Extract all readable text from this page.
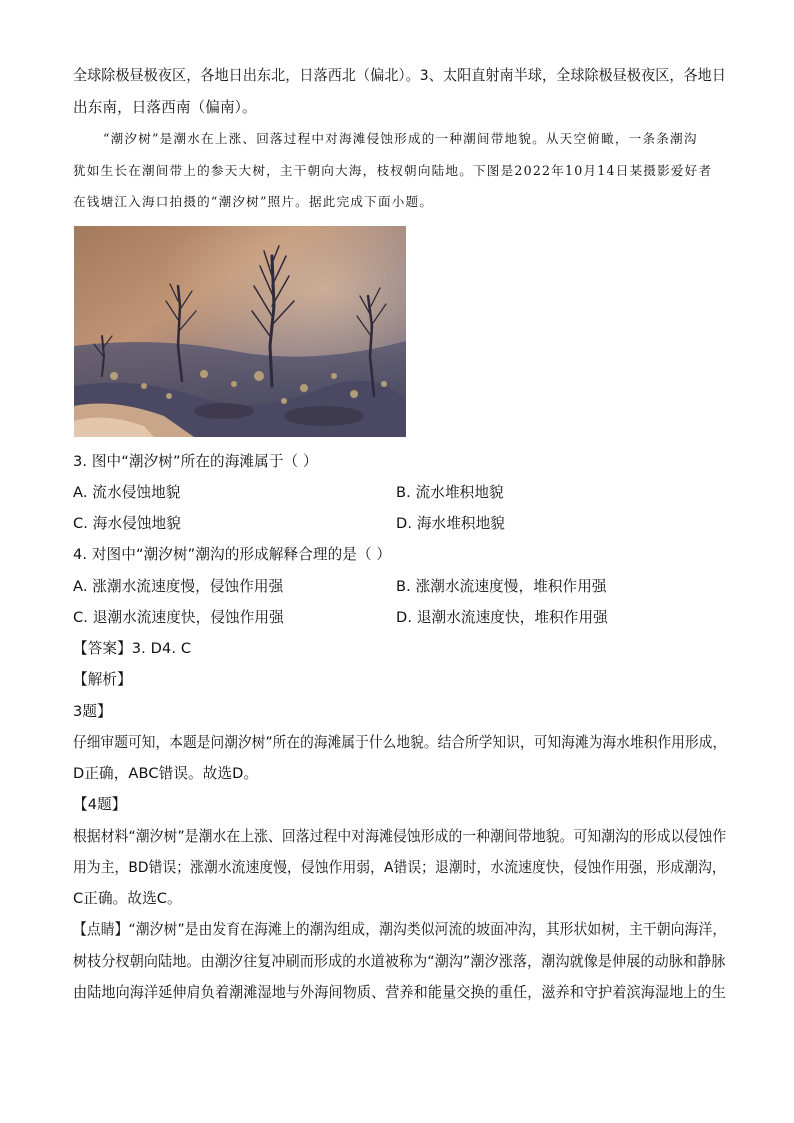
全球除极昼极夜区，各地日出东北，日落西北（偏北）。3、太阳直射南半球，全球除极昼极夜区，各地日
出东南，日落西南（偏南）。
“潮汐树”是潮水在上涨、回落过程中对海滩侵蚀形成的一种潮间带地貌。从天空俯瞰，一条条潮沟
犹如生长在潮间带上的参天大树，主干朝向大海，枝杈朝向陆地。下图是2022年10月14日某摄影爱好者
在钱塘江入海口拍摄的“潮汐树”照片。据此完成下面小题。
3. 图中“潮汐树”所在的海滩属于（ ）
A. 流水侵蚀地貌	B. 流水堆积地貌
C. 海水侵蚀地貌	D. 海水堆积地貌
4. 对图中“潮汐树”潮沟的形成解释合理的是（ ）
A. 涨潮水流速度慢，侵蚀作用强	B. 涨潮水流速度慢，堆积作用强
C. 退潮水流速度快，侵蚀作用强	D. 退潮水流速度快，堆积作用强
【答案】3. D4. C
【解析】
3题】
仔细审题可知，本题是问潮汐树”所在的海滩属于什么地貌。结合所学知识，可知海滩为海水堆积作用形成，
D正确，ABC错误。故选D。
【4题】
根据材料“潮汐树”是潮水在上涨、回落过程中对海滩侵蚀形成的一种潮间带地貌。可知潮沟的形成以侵蚀作
用为主，BD错误；涨潮水流速度慢，侵蚀作用弱，A错误；退潮时，水流速度快，侵蚀作用强，形成潮沟，
C正确。故选C。
【点睛】“潮汐树”是由发育在海滩上的潮沟组成，潮沟类似河流的坡面冲沟，其形状如树，主干朝向海洋，
树枝分杈朝向陆地。由潮汐往复冲刷而形成的水道被称为“潮沟”潮汐涨落，潮沟就像是伸展的动脉和静脉
由陆地向海洋延伸肩负着潮滩湿地与外海间物质、营养和能量交换的重任，滋养和守护着滨海湿地上的生
